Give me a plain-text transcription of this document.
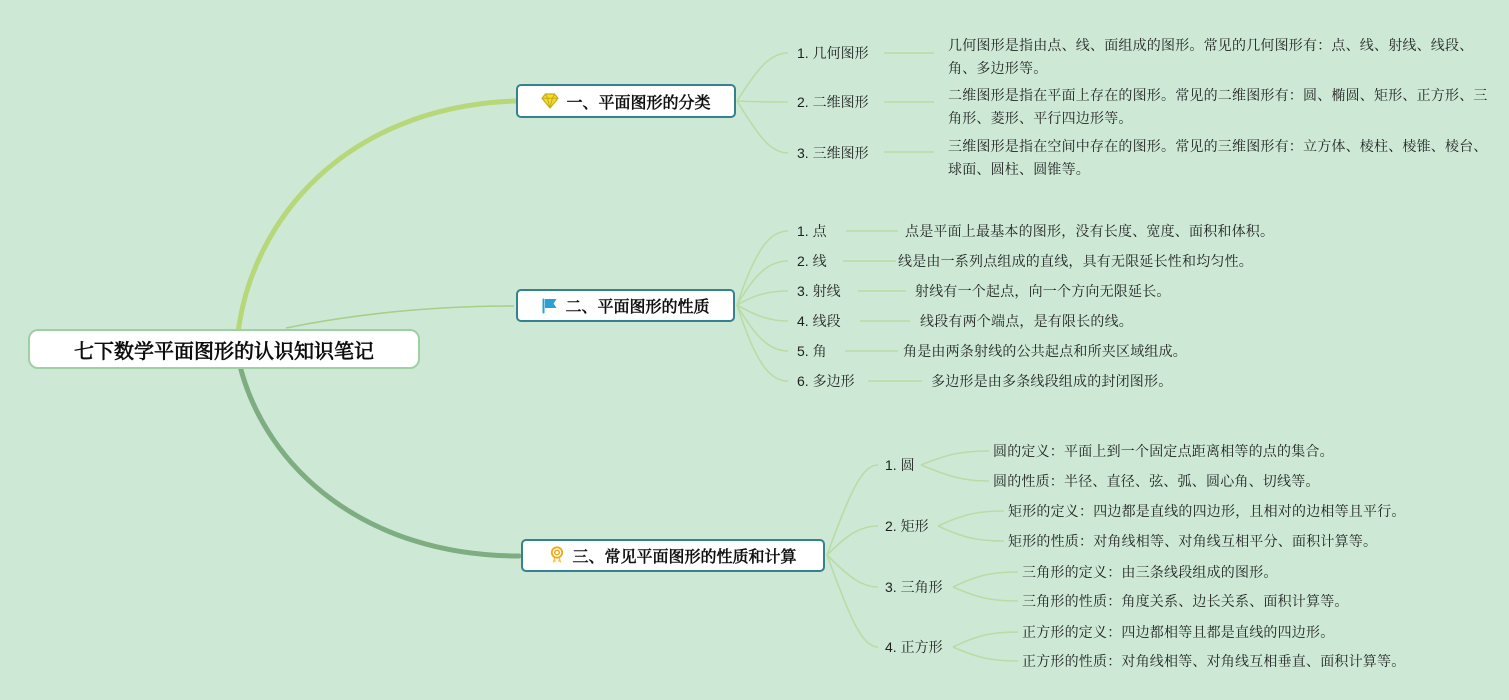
七下数学平面图形的认识知识笔记
一、平面图形的分类
二、平面图形的性质
三、常见平面图形的性质和计算
1. 几何图形	几何图形是指由点、线、面组成的图形。常见的几何图形有：点、线、射线、线段、角、多边形等。
2. 二维图形	二维图形是指在平面上存在的图形。常见的二维图形有：圆、椭圆、矩形、正方形、三角形、菱形、平行四边形等。
3. 三维图形	三维图形是指在空间中存在的图形。常见的三维图形有：立方体、棱柱、棱锥、棱台、球面、圆柱、圆锥等。
1. 点	点是平面上最基本的图形，没有长度、宽度、面积和体积。
2. 线	线是由一系列点组成的直线，具有无限延长性和均匀性。
3. 射线	射线有一个起点，向一个方向无限延长。
4. 线段	线段有两个端点，是有限长的线。
5. 角	角是由两条射线的公共起点和所夹区域组成。
6. 多边形	多边形是由多条线段组成的封闭图形。
1. 圆
圆的定义：平面上到一个固定点距离相等的点的集合。
圆的性质：半径、直径、弦、弧、圆心角、切线等。
2. 矩形
矩形的定义：四边都是直线的四边形，且相对的边相等且平行。
矩形的性质：对角线相等、对角线互相平分、面积计算等。
3. 三角形
三角形的定义：由三条线段组成的图形。
三角形的性质：角度关系、边长关系、面积计算等。
4. 正方形
正方形的定义：四边都相等且都是直线的四边形。
正方形的性质：对角线相等、对角线互相垂直、面积计算等。
